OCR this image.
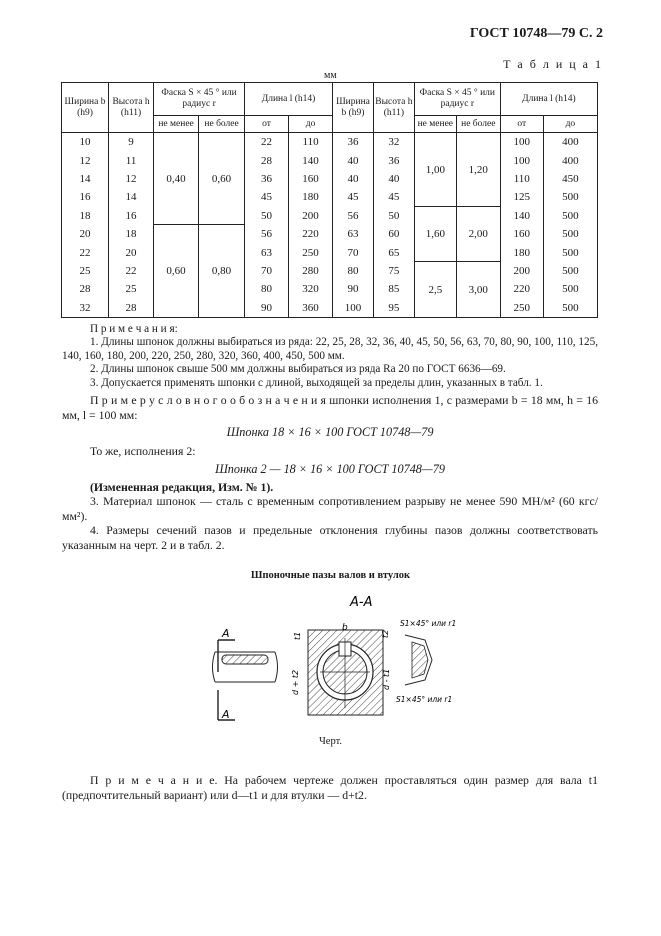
ГОСТ 10748—79 С. 2
Т а б л и ц а 1
мм
Ширина b (h9)	Высота h (h11)	Фаска S × 45 ° или радиус r		Длина l (h14)		Ширина b (h9)	Высота h (h11)	Фаска S × 45 ° или радиус r		Длина l (h14)	
		не менее	не более	от	до			не менее	не более	от	до
10	9	0,40	0,60	22	110	36	32	1,00	1,20	100	400
12	11			28	140	40	36			100	400
14	12			36	160	40	40			110	450
16	14			45	180	45	45			125	500
18	16			50	200	56	50	1,60	2,00	140	500
20	18	0,60	0,80	56	220	63	60			160	500
22	20			63	250	70	65			180	500
25	22			70	280	80	75	2,5	3,00	200	500
28	25			80	320	90	85			220	500
32	28			90	360	100	95			250	500
П р и м е ч а н и я:
1. Длины шпонок должны выбираться из ряда: 22, 25, 28, 32, 36, 40, 45, 50, 56, 63, 70, 80, 90, 100, 110, 125, 140, 160, 180, 200, 220, 250, 280, 320, 360, 400, 450, 500 мм.
2. Длины шпонок свыше 500 мм должны выбираться из ряда Ra 20 по ГОСТ 6636—69.
3. Допускается применять шпонки с длиной, выходящей за пределы длин, указанных в табл. 1.
П р и м е р у с л о в н о г о о б о з н а ч е н и я шпонки исполнения 1, с размерами b = 18 мм, h = 16 мм, l = 100 мм:
Шпонка 18 × 16 × 100 ГОСТ 10748—79
То же, исполнения 2:
Шпонка 2 — 18 × 16 × 100 ГОСТ 10748—79
(Измененная редакция, Изм. № 1).
3. Материал шпонок — сталь с временным сопротивлением разрыву не менее 590 МН/м² (60 кгс/мм²).
4. Размеры сечений пазов и предельные отклонения глубины пазов должны соответствовать указанным на черт. 2 и в табл. 2.
Шпоночные пазы валов и втулок
А-А
А
А
b
t1	t2
d + t2	d - t1
S1×45° или r1
S1×45° или r1
Черт.
П р и м е ч а н и е. На рабочем чертеже должен проставляться один размер для вала t1 (предпочтительный вариант) или d—t1 и для втулки — d+t2.
